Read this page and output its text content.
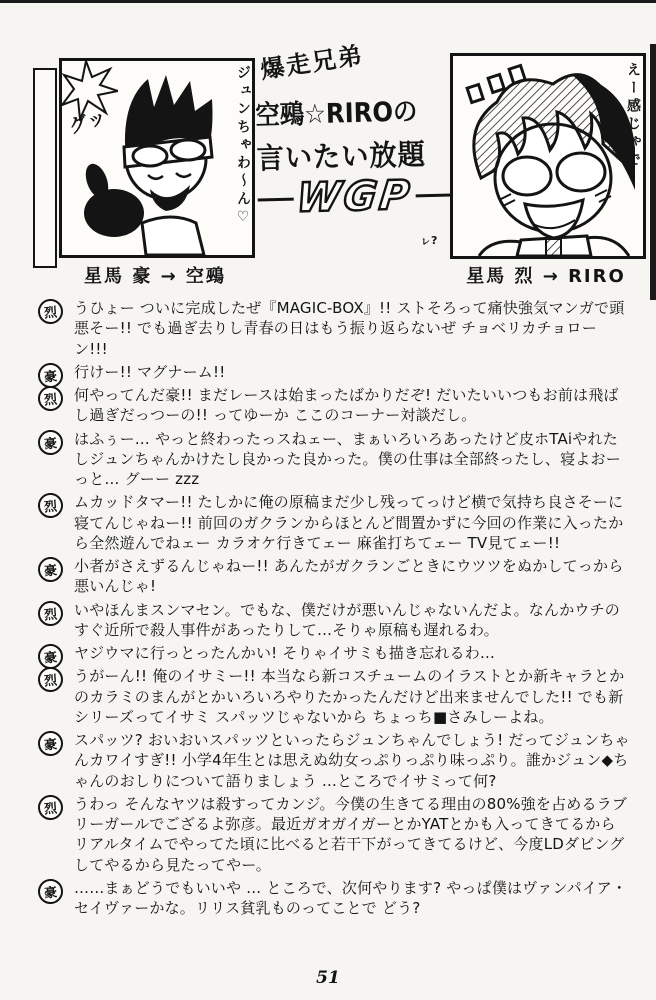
グッ	ジュンちゃわ〜ん♡
爆走兄弟
空鵐☆RIROの
言いたい放題
WGP
ㇾ?
えー感じゃでー
星馬 豪 → 空鵐	星馬 烈 → RIRO
烈	うひょー ついに完成したぜ『MAGIC-BOX』!! ストそろって痛快強気マンガで頭悪そー!! でも過ぎ去りし青春の日はもう振り返らないぜ チョベリカチョローン!!!

豪	行けー!! マグナーム!!

烈	何やってんだ豪!! まだレースは始まったばかりだぞ! だいたいいつもお前は飛ばし過ぎだっつーの!! ってゆーか ここのコーナー対談だし。

豪	はふぅー… やっと終わったっスねェー、まぁいろいろあったけど皮ホTAiやれたしジュンちゃんかけたし良かった良かった。僕の仕事は全部終ったし、寝よおーっと… グーー zzz

烈	ムカッドタマー!! たしかに俺の原稿まだ少し残ってっけど横で気持ち良さそーに寝てんじゃねー!! 前回のガクランからほとんど間置かずに今回の作業に入ったから全然遊んでねェー カラオケ行きてェー 麻雀打ちてェー TV見てェー!!

豪	小者がさえずるんじゃねー!! あんたがガクランごときにウツツをぬかしてっから悪いんじゃ!

烈	いやほんまスンマセン。でもな、僕だけが悪いんじゃないんだよ。なんかウチのすぐ近所で殺人事件があったりして…そりゃ原稿も遅れるわ。

豪	ヤジウマに行っとったんかい! そりゃイサミも描き忘れるわ…

烈	うがーん!! 俺のイサミー!! 本当なら新コスチュームのイラストとか新キャラとかのカラミのまんがとかいろいろやりたかったんだけど出来ませんでした!! でも新シリーズってイサミ スパッツじゃないから ちょっち■さみしーよね。

豪	スパッツ? おいおいスパッツといったらジュンちゃんでしょう! だってジュンちゃんカワイすぎ!! 小学4年生とは思えぬ幼女っぷりっぷり味っぷり。誰かジュン◆ちゃんのおしりについて語りましょう …ところでイサミって何?

烈	うわっ そんなヤツは殺すってカンジ。今僕の生きてる理由の80%強を占めるラブリーガールでござるよ弥彦。最近ガオガイガーとかYATとかも入ってきてるからリアルタイムでやってた頃に比べると若干下がってきてるけど、今度LDダビングしてやるから見たってやー。

豪	……まぁどうでもいいや … ところで、次何やります? やっぱ僕はヴァンパイア・セイヴァーかな。リリス貧乳ものってことで どう?

51
